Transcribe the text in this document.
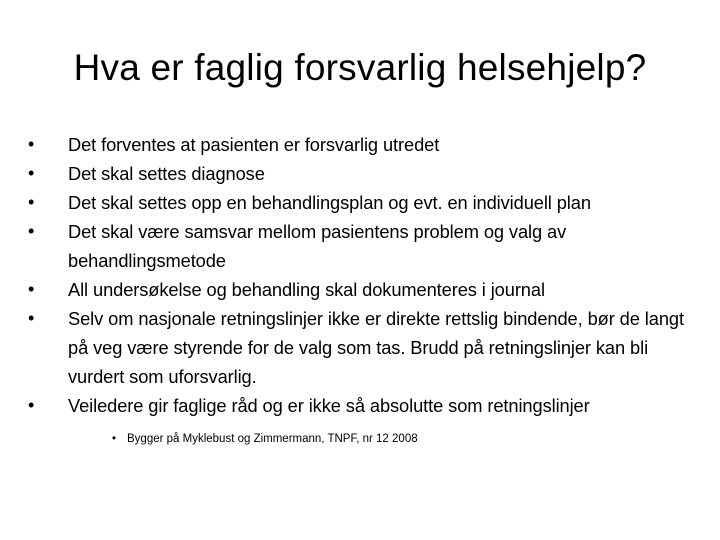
Hva er faglig forsvarlig helsehjelp?
•	Det forventes at pasienten er forsvarlig utredet
•	Det skal settes diagnose
•	Det skal settes opp en behandlingsplan og evt. en individuell plan
•	Det skal være samsvar mellom pasientens problem og valg av behandlingsmetode
•	All undersøkelse og behandling skal dokumenteres i journal
•	Selv om nasjonale retningslinjer ikke er direkte rettslig bindende, bør de langt på veg være styrende for de valg som tas. Brudd på retningslinjer kan bli vurdert som uforsvarlig.
•	Veiledere gir faglige råd og er ikke så absolutte som retningslinjer
• Bygger på Myklebust og Zimmermann, TNPF, nr 12 2008
